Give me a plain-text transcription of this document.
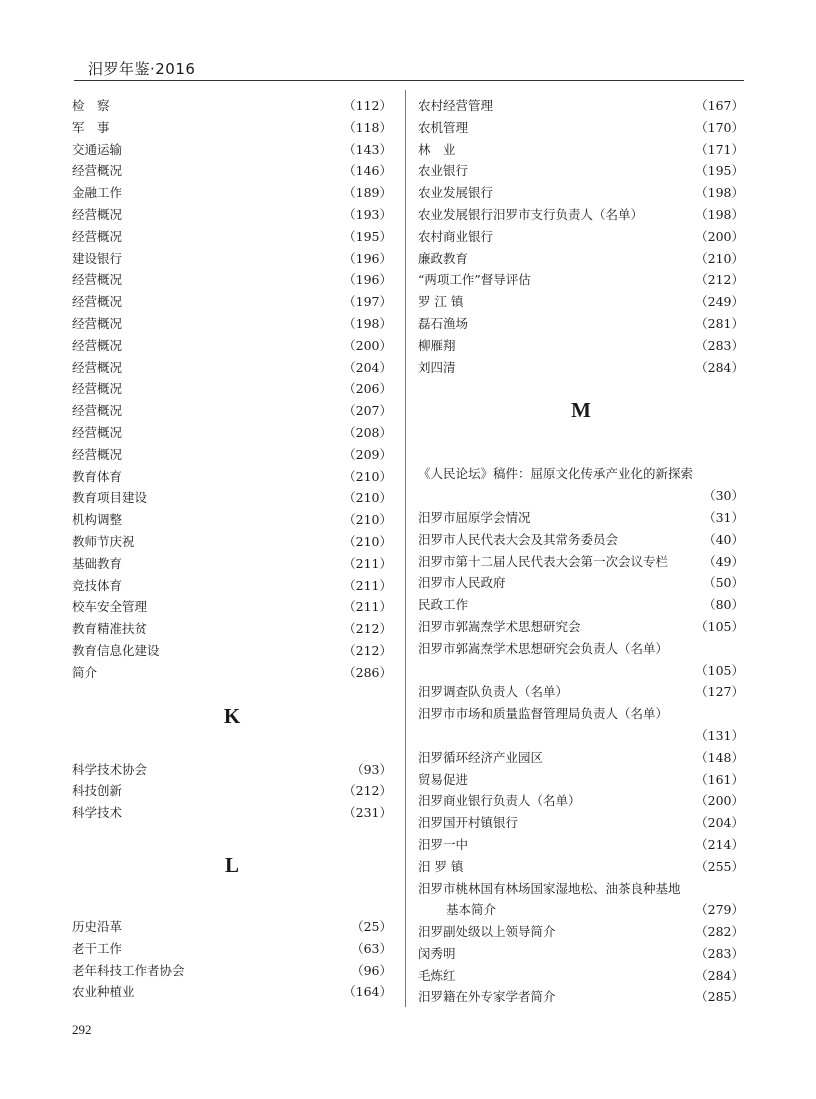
汨罗年鉴·2016
检　察	（112）
军　事	（118）
交通运输	（143）
经营概况	（146）
金融工作	（189）
经营概况	（193）
经营概况	（195）
建设银行	（196）
经营概况	（196）
经营概况	（197）
经营概况	（198）
经营概况	（200）
经营概况	（204）
经营概况	（206）
经营概况	（207）
经营概况	（208）
经营概况	（209）
教育体育	（210）
教育项目建设	（210）
机构调整	（210）
教师节庆祝	（210）
基础教育	（211）
竞技体育	（211）
校车安全管理	（211）
教育精准扶贫	（212）
教育信息化建设	（212）
简介	（286）
K
科学技术协会	（93）
科技创新	（212）
科学技术	（231）
L
历史沿革	（25）
老干工作	（63）
老年科技工作者协会	（96）
农业种植业	（164）
农村经营管理	（167）
农机管理	（170）
林　业	（171）
农业银行	（195）
农业发展银行	（198）
农业发展银行汨罗市支行负责人（名单）	（198）
农村商业银行	（200）
廉政教育	（210）
“两项工作”督导评估	（212）
罗 江 镇	（249）
磊石渔场	（281）
柳雁翔	（283）
刘四清	（284）
M
《人民论坛》稿件：屈原文化传承产业化的新探索
（30）
汨罗市屈原学会情况	（31）
汨罗市人民代表大会及其常务委员会	（40）
汨罗市第十二届人民代表大会第一次会议专栏	（49）
汨罗市人民政府	（50）
民政工作	（80）
汨罗市郭嵩焘学术思想研究会	（105）
汨罗市郭嵩焘学术思想研究会负责人（名单）
（105）
汨罗调查队负责人（名单）	（127）
汨罗市市场和质量监督管理局负责人（名单）
（131）
汨罗循环经济产业园区	（148）
贸易促进	（161）
汨罗商业银行负责人（名单）	（200）
汨罗国开村镇银行	（204）
汨罗一中	（214）
汨 罗 镇	（255）
汨罗市桃林国有林场国家湿地松、油茶良种基地
基本简介	（279）
汨罗副处级以上领导简介	（282）
闵秀明	（283）
毛炼红	（284）
汨罗籍在外专家学者简介	（285）
292
